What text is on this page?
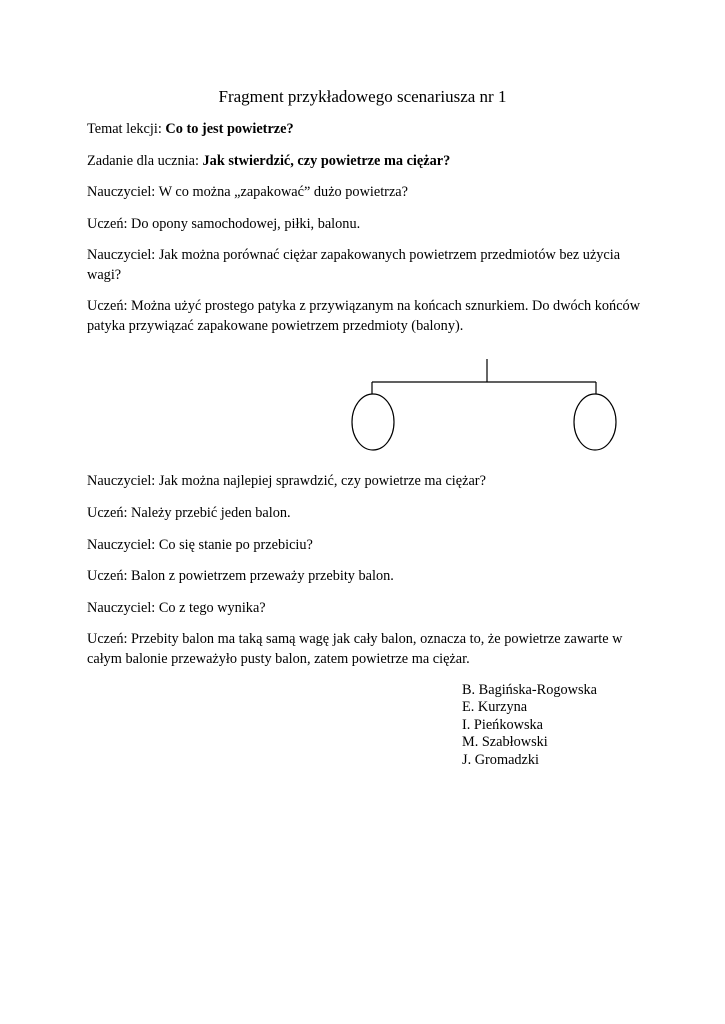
Fragment przykładowego scenariusza nr 1

Temat lekcji: Co to jest powietrze?

Zadanie dla ucznia: Jak stwierdzić, czy powietrze ma ciężar?

Nauczyciel: W co można „zapakować” dużo powietrza?

Uczeń: Do opony samochodowej, piłki, balonu.

Nauczyciel: Jak można porównać ciężar zapakowanych powietrzem przedmiotów bez użycia wagi?

Uczeń: Można użyć prostego patyka z przywiązanym na końcach sznurkiem. Do dwóch końców patyka przywiązać zapakowane powietrzem przedmioty (balony).

Nauczyciel: Jak można najlepiej sprawdzić, czy powietrze ma ciężar?

Uczeń: Należy przebić jeden balon.

Nauczyciel: Co się stanie po przebiciu?

Uczeń: Balon z powietrzem przeważy przebity balon.

Nauczyciel: Co z tego wynika?

Uczeń: Przebity balon ma taką samą wagę jak cały balon, oznacza to, że powietrze zawarte w całym balonie przeważyło pusty balon, zatem powietrze ma ciężar.

B. Bagińska-Rogowska
E. Kurzyna
I. Pieńkowska
M. Szabłowski
J. Gromadzki
